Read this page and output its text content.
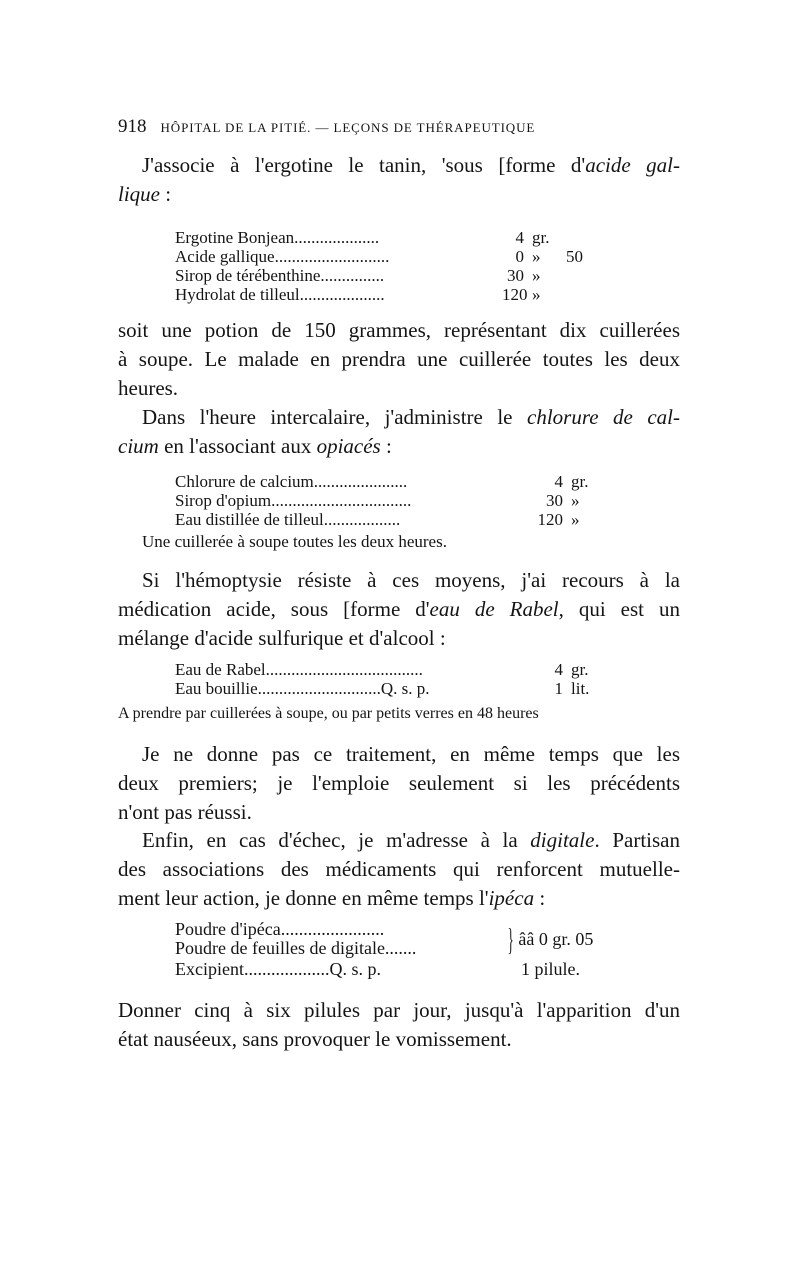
918 HÔPITAL DE LA PITIÉ. — LEÇONS DE THÉRAPEUTIQUE
J'associe à l'ergotine le tanin, 'sous [forme d'acide gal-
lique :
Ergotine Bonjean....................	4 gr.
Acide gallique...........................	0 »	50
Sirop de térébenthine...............	30 »
Hydrolat de tilleul....................	120 »
soit une potion de 150 grammes, représentant dix cuillerées
à soupe. Le malade en prendra une cuillerée toutes les deux
heures.
Dans l'heure intercalaire, j'administre le chlorure de cal-
cium en l'associant aux opiacés :
Chlorure de calcium......................	4 gr.
Sirop d'opium.................................	30 »
Eau distillée de tilleul..................	120 »
Une cuillerée à soupe toutes les deux heures.
Si l'hémoptysie résiste à ces moyens, j'ai recours à la
médication acide, sous [forme d'eau de Rabel, qui est un
mélange d'acide sulfurique et d'alcool :
Eau de Rabel.....................................	4 gr.
Eau bouillie.............................Q. s. p.	1 lit.
A prendre par cuillerées à soupe, ou par petits verres en 48 heures
Je ne donne pas ce traitement, en même temps que les
deux premiers; je l'emploie seulement si les précédents
n'ont pas réussi.
Enfin, en cas d'échec, je m'adresse à la digitale. Partisan
des associations des médicaments qui renforcent mutuelle-
ment leur action, je donne en même temps l'ipéca :
Poudre d'ipéca.......................
Poudre de feuilles de digitale.......	} ââ 0 gr. 05
Excipient...................Q. s. p.	1 pilule.
Donner cinq à six pilules par jour, jusqu'à l'apparition d'un
état nauséeux, sans provoquer le vomissement.
